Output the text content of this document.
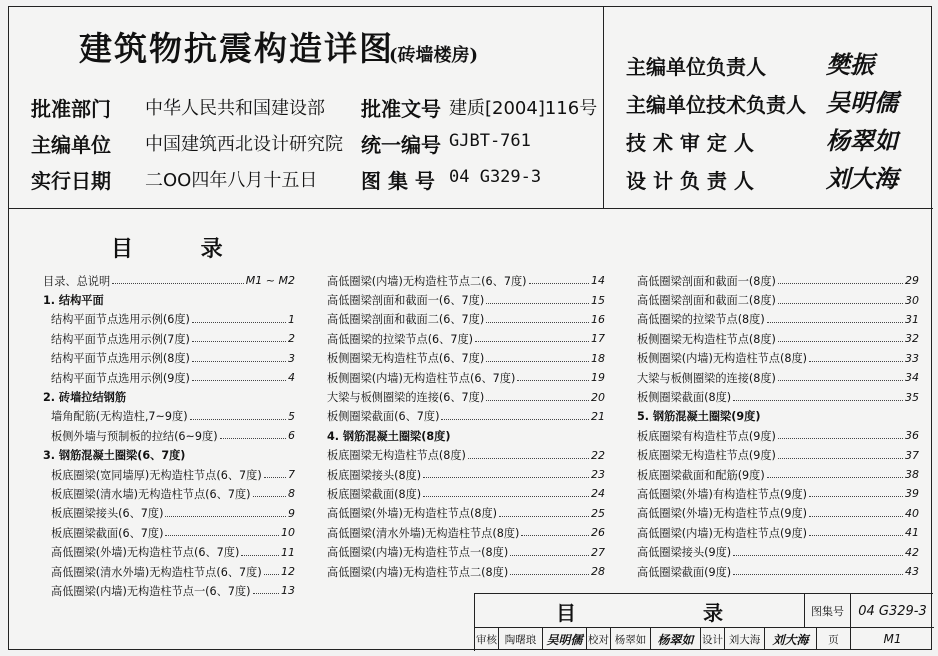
建筑物抗震构造详图
(砖墙楼房)
批准部门 中华人民共和国建设部 批准文号 建质[2004]116号
主编单位 中国建筑西北设计研究院 统一编号 GJBT-761
实行日期 二OO四年八月十五日 图 集 号 04 G329-3
主编单位负责人	樊振
主编单位技术负责人 吴明儒
技 术 审 定 人	杨翠如
设 计 负 责 人	刘大海
目 录
目录、总说明	M1 ~ M2
1. 结构平面
结构平面节点选用示例(6度)	1
结构平面节点选用示例(7度)	2
结构平面节点选用示例(8度)	3
结构平面节点选用示例(9度)	4
2. 砖墙拉结钢筋
墙角配筋(无构造柱,7~9度)	5
板侧外墙与预制板的拉结(6~9度)	6
3. 钢筋混凝土圈梁(6、7度)
板底圈梁(宽同墙厚)无构造柱节点(6、7度) 7
板底圈梁(清水墙)无构造柱节点(6、7度)	8
板底圈梁接头(6、7度)	9
板底圈梁截面(6、7度)	10
高低圈梁(外墙)无构造柱节点(6、7度)	11
高低圈梁(清水外墙)无构造柱节点(6、7度) 12
高低圈梁(内墙)无构造柱节点一(6、7度)	13
高低圈梁(内墙)无构造柱节点二(6、7度)	14
高低圈梁剖面和截面一(6、7度)	15
高低圈梁剖面和截面二(6、7度)	16
高低圈梁的拉梁节点(6、7度)	17
板侧圈梁无构造柱节点(6、7度)	18
板侧圈梁(内墙)无构造柱节点(6、7度)	19
大梁与板侧圈梁的连接(6、7度)	20
板侧圈梁截面(6、7度)	21
4. 钢筋混凝土圈梁(8度)
板底圈梁无构造柱节点(8度)	22
板底圈梁接头(8度)	23
板底圈梁截面(8度)	24
高低圈梁(外墙)无构造柱节点(8度)	25
高低圈梁(清水外墙)无构造柱节点(8度)	26
高低圈梁(内墙)无构造柱节点一(8度)	27
高低圈梁(内墙)无构造柱节点二(8度)	28
高低圈梁剖面和截面一(8度)	29
高低圈梁剖面和截面二(8度)	30
高低圈梁的拉梁节点(8度)	31
板侧圈梁无构造柱节点(8度)	32
板侧圈梁(内墙)无构造柱节点(8度)	33
大梁与板侧圈梁的连接(8度)	34
板侧圈梁截面(8度)	35
5. 钢筋混凝土圈梁(9度)
板底圈梁有构造柱节点(9度)	36
板底圈梁无构造柱节点(9度)	37
板底圈梁截面和配筋(9度)	38
高低圈梁(外墙)有构造柱节点(9度)	39
高低圈梁(外墙)无构造柱节点(9度)	40
高低圈梁(内墙)无构造柱节点(9度)	41
高低圈梁接头(9度)	42
高低圈梁截面(9度)	43
目 录	图集号	04 G329-3
审核 陶曙琅 吴明儒 校对 杨翠如 杨翠如 设计 刘大海	刘大海	页	M1
